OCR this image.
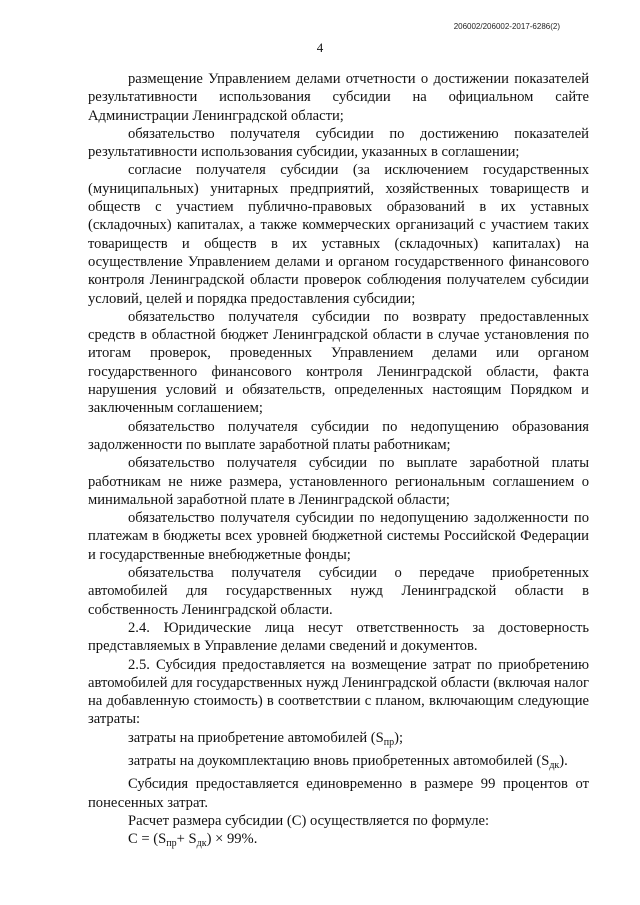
206002/206002-2017-6286(2)
4

размещение Управлением делами отчетности о достижении показателей результативности использования субсидии на официальном сайте Администрации Ленинградской области;

обязательство получателя субсидии по достижению показателей результативности использования субсидии, указанных в соглашении;

согласие получателя субсидии (за исключением государственных (муниципальных) унитарных предприятий, хозяйственных товариществ и обществ с участием публично-правовых образований в их уставных (складочных) капиталах, а также коммерческих организаций с участием таких товариществ и обществ в их уставных (складочных) капиталах) на осуществление Управлением делами и органом государственного финансового контроля Ленинградской области проверок соблюдения получателем субсидии условий, целей и порядка предоставления субсидии;

обязательство получателя субсидии по возврату предоставленных средств в областной бюджет Ленинградской области в случае установления по итогам проверок, проведенных Управлением делами или органом государственного финансового контроля Ленинградской области, факта нарушения условий и обязательств, определенных настоящим Порядком и заключенным соглашением;

обязательство получателя субсидии по недопущению образования задолженности по выплате заработной платы работникам;

обязательство получателя субсидии по выплате заработной платы работникам не ниже размера, установленного региональным соглашением о минимальной заработной плате в Ленинградской области;

обязательство получателя субсидии по недопущению задолженности по платежам в бюджеты всех уровней бюджетной системы Российской Федерации и государственные внебюджетные фонды;

обязательства получателя субсидии о передаче приобретенных автомобилей для государственных нужд Ленинградской области в собственность Ленинградской области.

2.4. Юридические лица несут ответственность за достоверность представляемых в Управление делами сведений и документов.

2.5. Субсидия предоставляется на возмещение затрат по приобретению автомобилей для государственных нужд Ленинградской области (включая налог на добавленную стоимость) в соответствии с планом, включающим следующие затраты:

затраты на приобретение автомобилей $(S_{пр})$;

затраты на доукомплектацию вновь приобретенных автомобилей $(S_{дк})$.

Субсидия предоставляется единовременно в размере 99 процентов от понесенных затрат.

Расчет размера субсидии (С) осуществляется по формуле:

$С = (S_{пр}+ S_{дк}) \times 99\%$.
